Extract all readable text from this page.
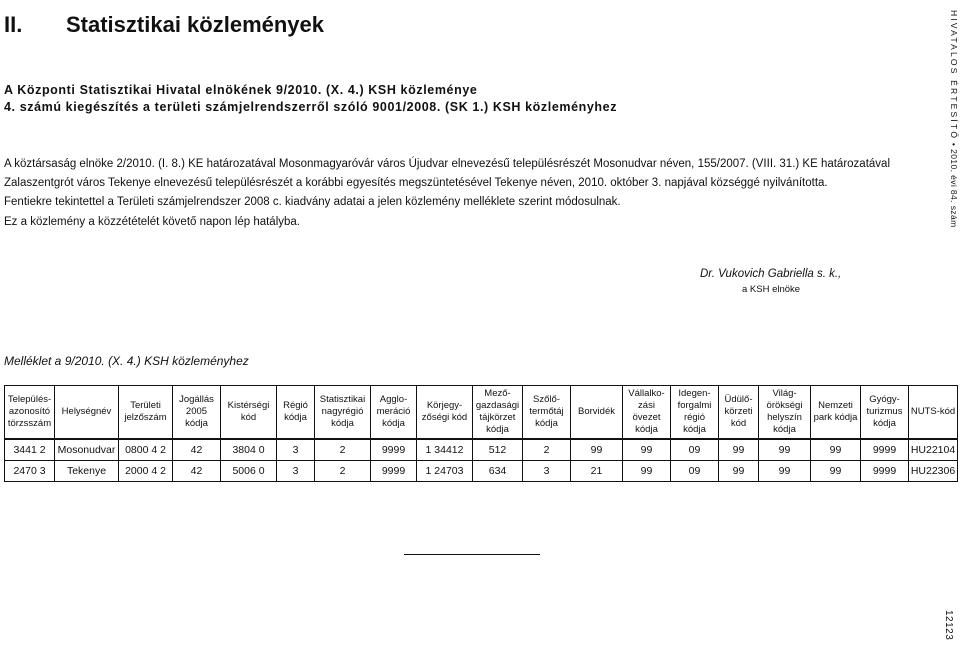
II. Statisztikai közlemények
A Központi Statisztikai Hivatal elnökének 9/2010. (X. 4.) KSH közleménye
4. számú kiegészítés a területi számjelrendszerről szóló 9001/2008. (SK 1.) KSH közleményhez

A köztársaság elnöke 2/2010. (I. 8.) KE határozatával Mosonmagyaróvár város Újudvar elnevezésű településrészét Mosonudvar néven, 155/2007. (VIII. 31.) KE határozatával Zalaszentgrót város Tekenye elnevezésű településrészét a korábbi egyesítés megszüntetésével Tekenye néven, 2010. október 3. napjával községgé nyilvánította.

Fentiekre tekintettel a Területi számjelrendszer 2008 c. kiadvány adatai a jelen közlemény melléklete szerint módosulnak.

Ez a közlemény a közzétételét követő napon lép hatályba.

Dr. Vukovich Gabriella s. k.,
a KSH elnöke
Melléklet a 9/2010. (X. 4.) KSH közleményhez
Település-
azonosító
törzsszám	Helységnév	Területi
jelzőszám	Jogállás
2005
kódja	Kistérségi
kód	Régió
kódja	Statisztikai
nagyrégió
kódja	Agglo-
meráció
kódja	Körjegy-
zőségi kód	Mező-
gazdasági
tájkörzet
kódja	Szőlő-
termőtáj
kódja	Borvidék	Vállalko-
zási
övezet
kódja	Idegen-
forgalmi
régió
kódja	Üdülő-
körzeti
kód	Világ-
örökségi
helyszín
kódja	Nemzeti
park kódja	Gyógy-
turizmus
kódja	NUTS-kód
3441 2	Mosonudvar	0800 4 2	42	3804 0	3	2	9999	1 34412	512	2	99	99	09	99	99	99	9999	HU22104
2470 3	Tekenye	2000 4 2	42	5006 0	3	2	9999	1 24703	634	3	21	99	09	99	99	99	9999	HU22306
HIVATALOS ÉRTESÍTŐ • 2010. évi 84. szám
12123
